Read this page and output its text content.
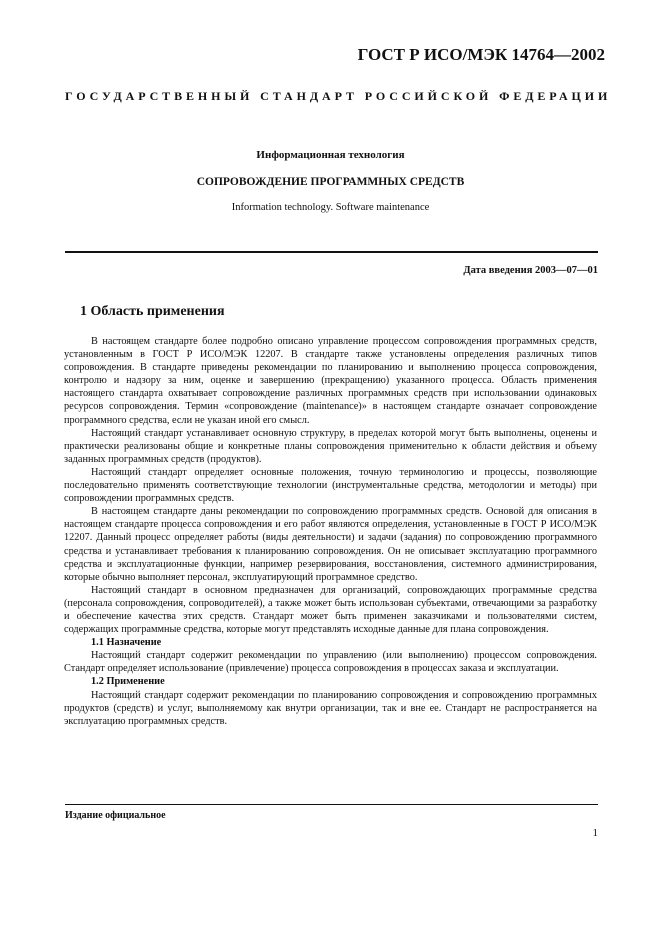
ГОСТ Р ИСО/МЭК 14764—2002
ГОСУДАРСТВЕННЫЙ СТАНДАРТ РОССИЙСКОЙ ФЕДЕРАЦИИ
Информационная технология
СОПРОВОЖДЕНИЕ ПРОГРАММНЫХ СРЕДСТВ
Information technology. Software maintenance
Дата введения 2003—07—01
1 Область применения

В настоящем стандарте более подробно описано управление процессом сопровождения программных средств, установленным в ГОСТ Р ИСО/МЭК 12207. В стандарте также установлены определения различных типов сопровождения. В стандарте приведены рекомендации по планированию и выполнению процесса сопровождения, контролю и надзору за ним, оценке и завершению (прекращению) указанного процесса. Область применения настоящего стандарта охватывает сопровождение различных программных средств при использовании одинаковых ресурсов сопровождения. Термин «сопровождение (maintenance)» в настоящем стандарте означает сопровождение программного средства, если не указан иной его смысл.

Настоящий стандарт устанавливает основную структуру, в пределах которой могут быть выполнены, оценены и практически реализованы общие и конкретные планы сопровождения применительно к области действия и объему заданных программных средств (продуктов).

Настоящий стандарт определяет основные положения, точную терминологию и процессы, позволяющие последовательно применять соответствующие технологии (инструментальные средства, методологии и методы) при сопровождении программных средств.

В настоящем стандарте даны рекомендации по сопровождению программных средств. Основой для описания в настоящем стандарте процесса сопровождения и его работ являются определения, установленные в ГОСТ Р ИСО/МЭК 12207. Данный процесс определяет работы (виды деятельности) и задачи (задания) по сопровождению программного средства и устанавливает требования к планированию сопровождения. Он не описывает эксплуатацию программного средства и эксплуатационные функции, например резервирования, восстановления, системного администрирования, которые обычно выполняет персонал, эксплуатирующий программное средство.

Настоящий стандарт в основном предназначен для организаций, сопровождающих программные средства (персонала сопровождения, сопроводителей), а также может быть использован субъектами, отвечающими за разработку и обеспечение качества этих средств. Стандарт может быть применен заказчиками и пользователями систем, содержащих программные средства, которые могут представлять исходные данные для плана сопровождения.

1.1 Назначение

Настоящий стандарт содержит рекомендации по управлению (или выполнению) процессом сопровождения. Стандарт определяет использование (привлечение) процесса сопровождения в процессах заказа и эксплуатации.

1.2 Применение

Настоящий стандарт содержит рекомендации по планированию сопровождения и сопровождению программных продуктов (средств) и услуг, выполняемому как внутри организации, так и вне ее. Стандарт не распространяется на эксплуатацию программных средств.

Издание официальное
1
